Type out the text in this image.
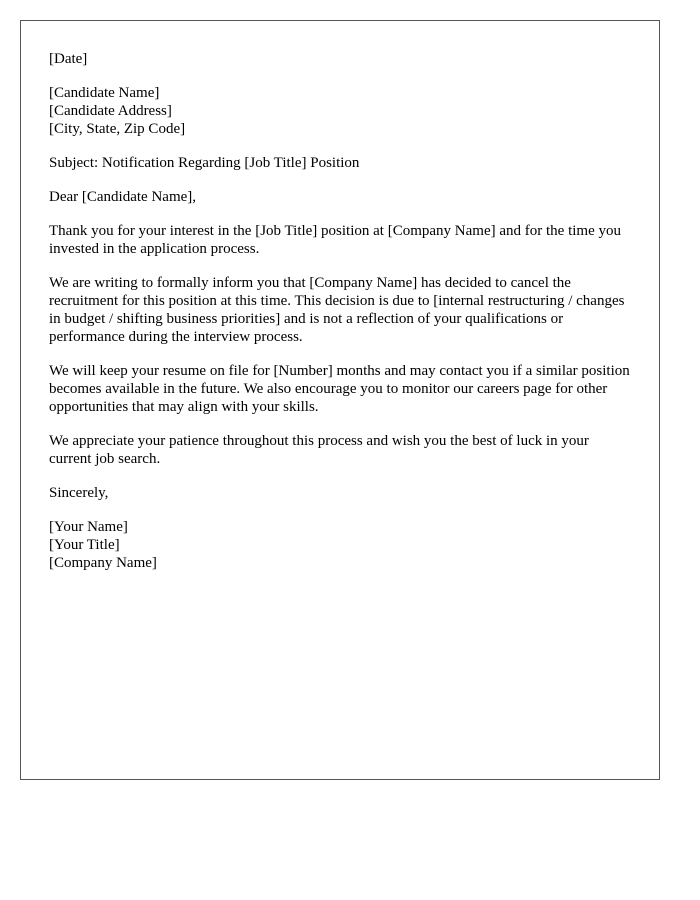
[Date]
[Candidate Name]
[Candidate Address]
[City, State, Zip Code]
Subject: Notification Regarding [Job Title] Position
Dear [Candidate Name],

Thank you for your interest in the [Job Title] position at [Company Name] and for the time you invested in the application process.

We are writing to formally inform you that [Company Name] has decided to cancel the recruitment for this position at this time. This decision is due to [internal restructuring / changes in budget / shifting business priorities] and is not a reflection of your qualifications or performance during the interview process.

We will keep your resume on file for [Number] months and may contact you if a similar position becomes available in the future. We also encourage you to monitor our careers page for other opportunities that may align with your skills.

We appreciate your patience throughout this process and wish you the best of luck in your current job search.

Sincerely,
[Your Name]
[Your Title]
[Company Name]
